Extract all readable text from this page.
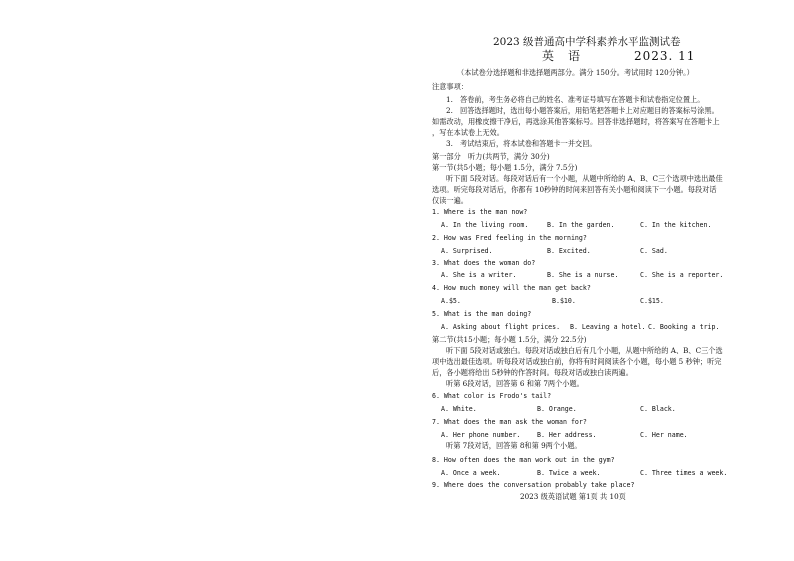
2023 级普通高中学科素养水平监测试卷
英　语	2023. 11
（本试卷分选择题和非选择题两部分。满分 150分。考试用时 120分钟。）
注意事项：
1.　答卷前，考生务必将自己的姓名、准考证号填写在答题卡和试卷指定位置上。
2.　回答选择题时，选出每小题答案后，用铅笔把答题卡上对应题目的答案标号涂黑。
如需改动，用橡皮擦干净后，再选涂其他答案标号。回答非选择题时，将答案写在答题卡上
，写在本试卷上无效。
3.　考试结束后，将本试卷和答题卡一并交回。
第一部分　听力(共两节，满分 30分)
第一节(共5小题；每小题 1.5分，满分 7.5分)
听下面 5段对话。每段对话后有一个小题，从题中所给的 A、B、C三个选项中选出最佳
选项。听完每段对话后，你都有 10秒钟的时间来回答有关小题和阅读下一小题。每段对话
仅读一遍。
1. Where is the man now?
A. In the living room.	B. In the garden.	C. In the kitchen.
2. How was Fred feeling in the morning?
A. Surprised.	B. Excited.	C. Sad.
3. What does the woman do?
A. She is a writer.	B. She is a nurse.	C. She is a reporter.
4. How much money will the man get back?
A.$5.	B.$10.	C.$15.
5. What is the man doing?
A. Asking about flight prices. B. Leaving a hotel. C. Booking a trip.
第二节(共15小题；每小题 1.5分，满分 22.5分)
听下面 5段对话或独白。每段对话或独白后有几个小题，从题中所给的 A、B、C三个选
项中选出最佳选项。听每段对话或独白前，你将有时间阅读各个小题，每小题 5 秒钟；听完
后，各小题将给出 5秒钟的作答时间。每段对话或独白读两遍。
听第 6段对话，回答第 6 和第 7两个小题。
6. What color is Frodo's tail?
A. White.	B. Orange.	C. Black.
7. What does the man ask the woman for?
A. Her phone number.	B. Her address.	C. Her name.
听第 7段对话，回答第 8和第 9两个小题。
8. How often does the man work out in the gym?
A. Once a week.	B. Twice a week.	C. Three times a week.
9. Where does the conversation probably take place?
2023 级英语试题 第1页 共 10页
